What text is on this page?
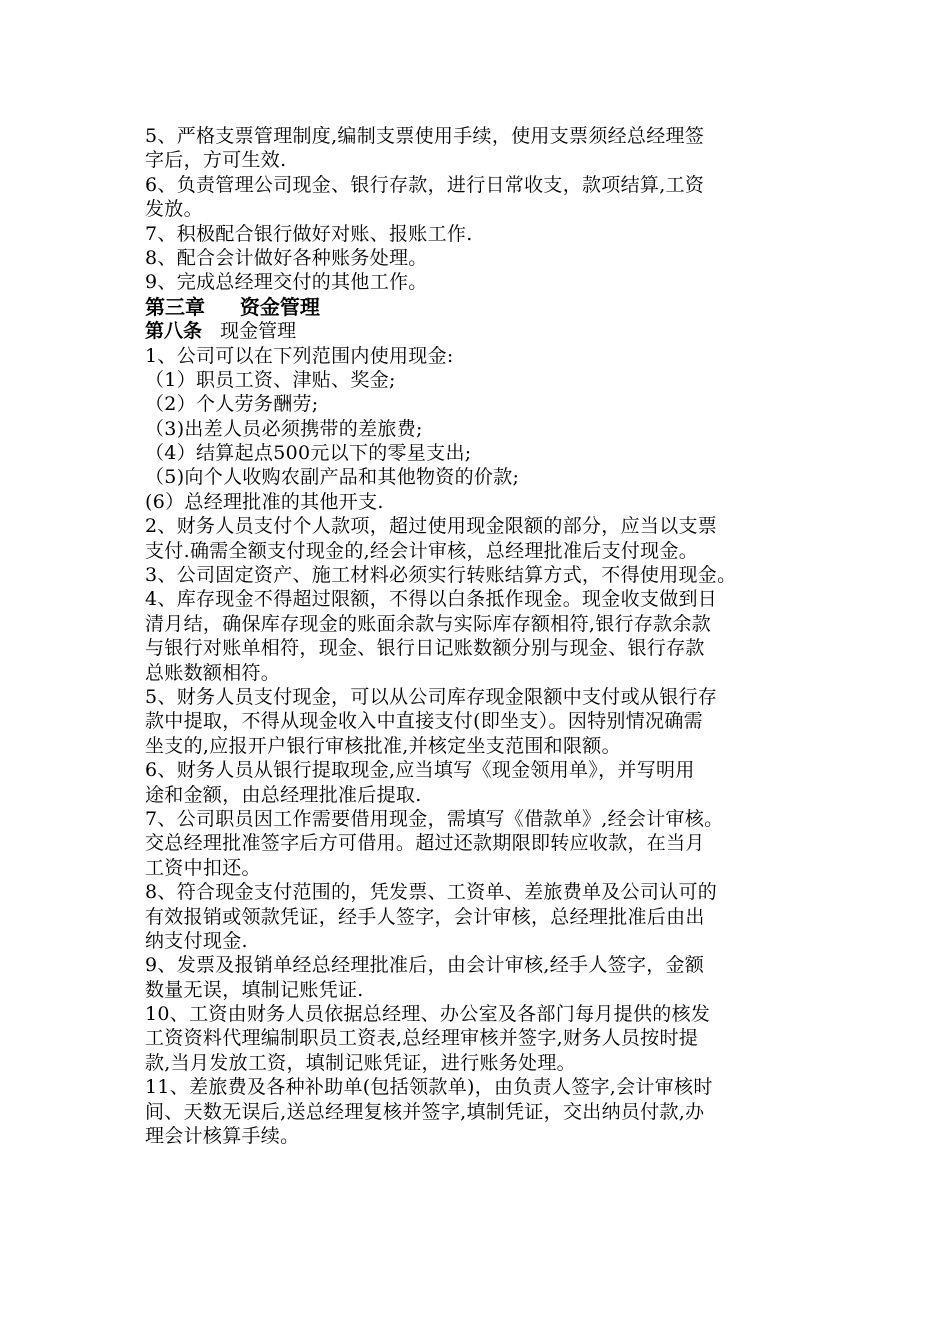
5、严格支票管理制度,编制支票使用手续，使用支票须经总经理签
字后，方可生效.
6、负责管理公司现金、银行存款，进行日常收支，款项结算,工资
发放。
7、积极配合银行做好对账、报账工作.
8、配合会计做好各种账务处理。
9、完成总经理交付的其他工作。
第三章 资金管理
第八条 现金管理
1、公司可以在下列范围内使用现金:
（1）职员工资、津贴、奖金;
（2）个人劳务酬劳;
（3)出差人员必须携带的差旅费;
（4）结算起点500元以下的零星支出;
（5)向个人收购农副产品和其他物资的价款;
(6）总经理批准的其他开支.
2、财务人员支付个人款项，超过使用现金限额的部分，应当以支票
支付.确需全额支付现金的,经会计审核，总经理批准后支付现金。
3、公司固定资产、施工材料必须实行转账结算方式，不得使用现金。
4、库存现金不得超过限额，不得以白条抵作现金。现金收支做到日
清月结，确保库存现金的账面余款与实际库存额相符,银行存款余款
与银行对账单相符，现金、银行日记账数额分别与现金、银行存款
总账数额相符。
5、财务人员支付现金，可以从公司库存现金限额中支付或从银行存
款中提取，不得从现金收入中直接支付(即坐支）。因特别情况确需
坐支的,应报开户银行审核批准,并核定坐支范围和限额。
6、财务人员从银行提取现金,应当填写《现金领用单》，并写明用
途和金额，由总经理批准后提取.
7、公司职员因工作需要借用现金，需填写《借款单》,经会计审核。
交总经理批准签字后方可借用。超过还款期限即转应收款，在当月
工资中扣还。
8、符合现金支付范围的，凭发票、工资单、差旅费单及公司认可的
有效报销或领款凭证，经手人签字，会计审核，总经理批准后由出
纳支付现金.
9、发票及报销单经总经理批准后，由会计审核,经手人签字，金额
数量无误，填制记账凭证.
10、工资由财务人员依据总经理、办公室及各部门每月提供的核发
工资资料代理编制职员工资表,总经理审核并签字,财务人员按时提
款,当月发放工资，填制记账凭证，进行账务处理。
11、差旅费及各种补助单(包括领款单)，由负责人签字,会计审核时
间、天数无误后,送总经理复核并签字,填制凭证，交出纳员付款,办
理会计核算手续。
